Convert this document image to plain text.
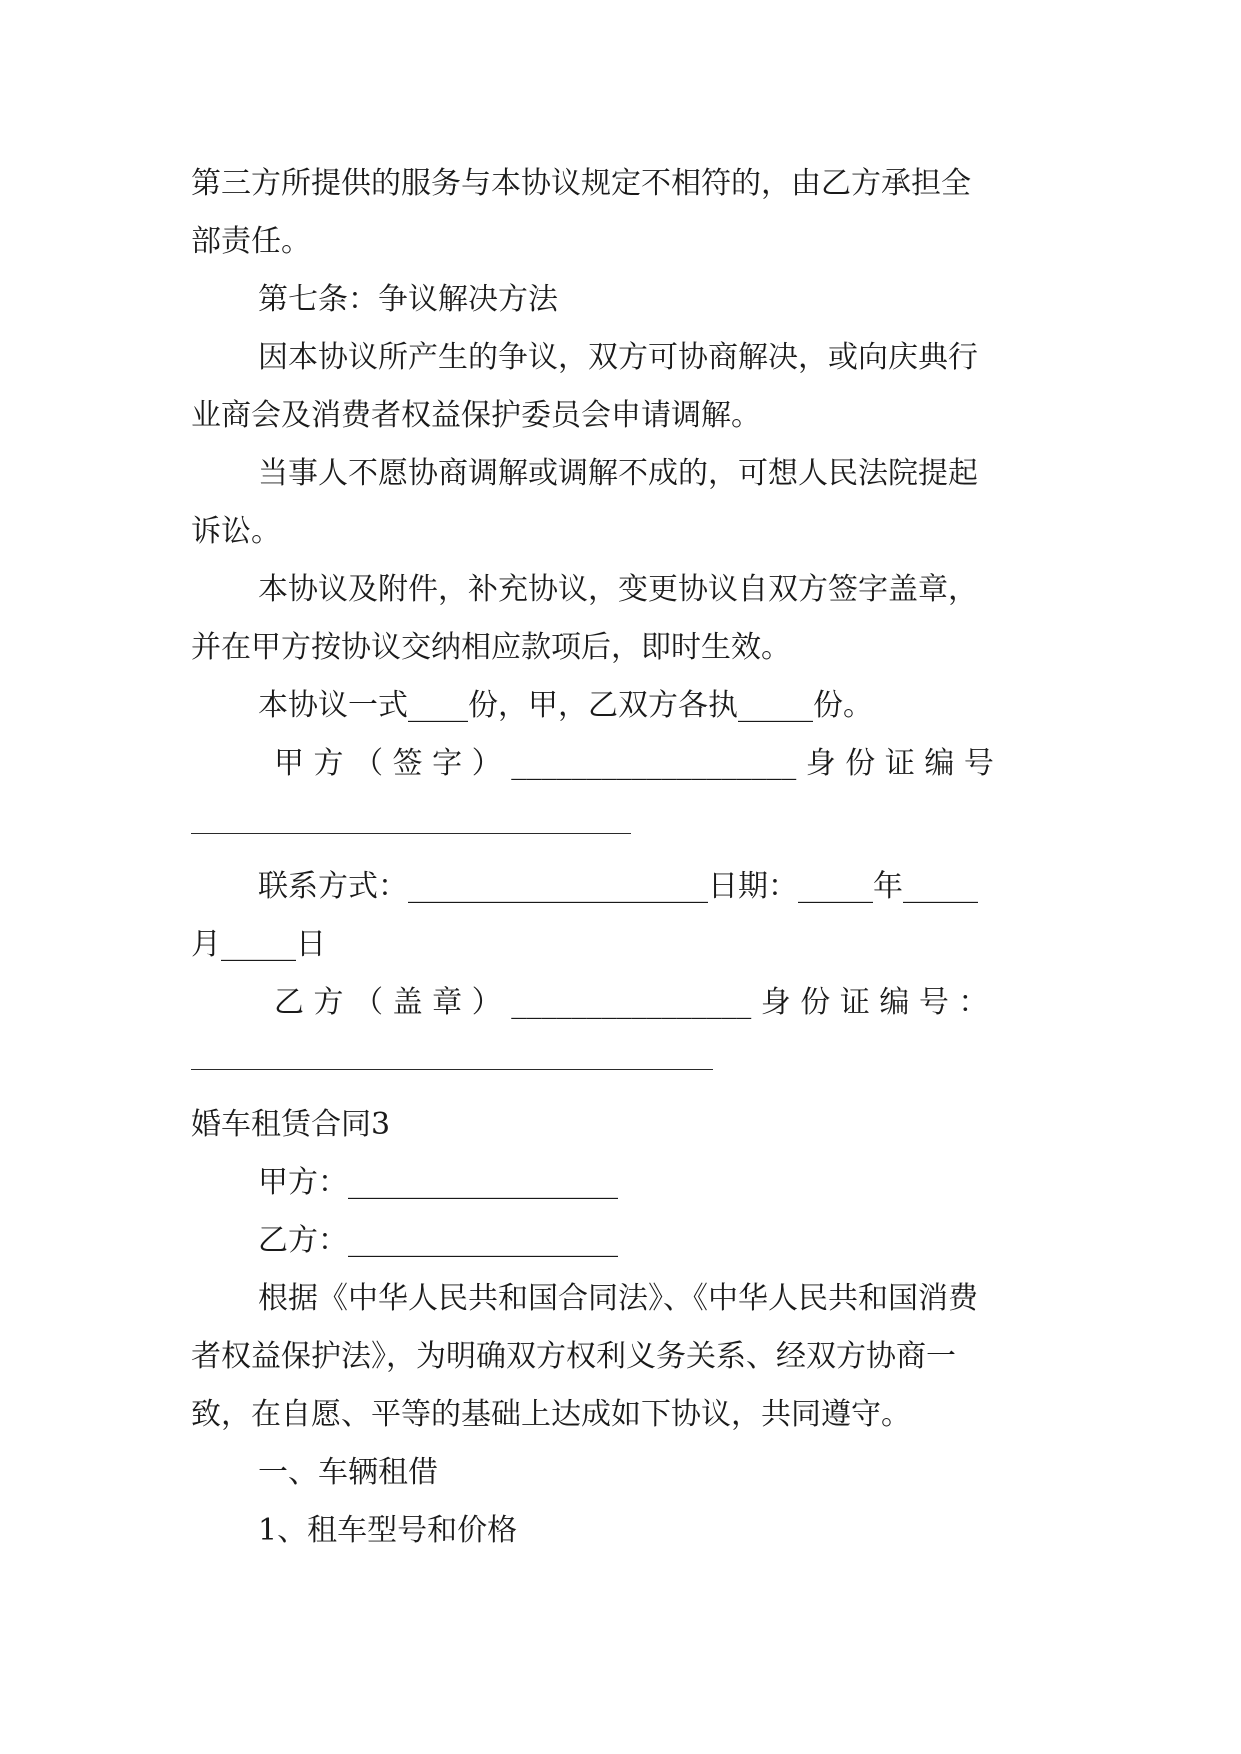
第三方所提供的服务与本协议规定不相符的，由乙方承担全
部责任。
第七条：争议解决方法
因本协议所产生的争议，双方可协商解决，或向庆典行
业商会及消费者权益保护委员会申请调解。
当事人不愿协商调解或调解不成的，可想人民法院提起
诉讼。
本协议及附件，补充协议，变更协议自双方签字盖章，
并在甲方按协议交纳相应款项后，即时生效。
本协议一式____份，甲，乙双方各执_____份。
甲 方 （ 签 字 ） ___________________ 身 份 证 编 号
联系方式：____________________日期：_____年_____
月_____日
乙 方 （ 盖 章 ） ________________ 身 份 证 编 号 ：
婚车租赁合同3
甲方：__________________
乙方：__________________
根据《中华人民共和国合同法》、《中华人民共和国消费
者权益保护法》，为明确双方权利义务关系、经双方协商一
致，在自愿、平等的基础上达成如下协议，共同遵守。
一、车辆租借
1、租车型号和价格
